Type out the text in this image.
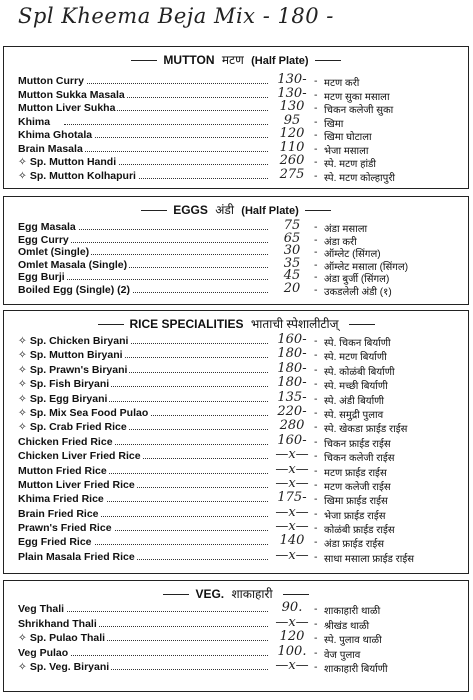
Spl Kheema Beja Mix - 180 -
MUTTON मटण (Half Plate)
Mutton Curry	130- - मटण करी
Mutton Sukka Masala	130- - मटण सुका मसाला
Mutton Liver Sukha	130 - चिकन कलेजी सुका
Khima	95	- खिमा
Khima Ghotala	120 - खिमा घोटाला
Brain Masala	110 - भेजा मसाला
✧ Sp. Mutton Handi	260 - स्पे. मटण हांडी
✧ Sp. Mutton Kolhapuri	275 - स्पे. मटण कोल्हापुरी
EGGS अंडी (Half Plate)
Egg Masala	75	- अंडा मसाला
Egg Curry	65	- अंडा करी
Omlet (Single)	30	- ऑम्लेट (सिंगल)
Omlet Masala (Single)	35	- ऑम्लेट मसाला (सिंगल)
Egg Burji	45	- अंडा बुर्जी (सिंगल)
Boiled Egg (Single) (2)	20	- उकडलेली अंडी (१)
RICE SPECIALITIES भाताची स्पेशालीटीज्
✧ Sp. Chicken Biryani	160- - स्पे. चिकन बिर्याणी
✧ Sp. Mutton Biryani	180- - स्पे. मटण बिर्याणी
✧ Sp. Prawn's Biryani	180- - स्पे. कोळंबी बिर्याणी
✧ Sp. Fish Biryani	180- - स्पे. मच्छी बिर्याणी
✧ Sp. Egg Biryani	135- - स्पे. अंडी बिर्याणी
✧ Sp. Mix Sea Food Pulao	220- - स्पे. समुद्री पुलाव
✧ Sp. Crab Fried Rice	280 - स्पे. खेकडा फ्राईड राईस
Chicken Fried Rice	160- - चिकन फ्राईड राईस
Chicken Liver Fried Rice	—x— - चिकन कलेजी राईस
Mutton Fried Rice	—x— - मटण फ्राईड राईस
Mutton Liver Fried Rice	—x— - मटण कलेजी राईस
Khima Fried Rice	175- - खिमा फ्राईड राईस
Brain Fried Rice	—x— - भेजा फ्राईड राईस
Prawn's Fried Rice	—x— - कोळंबी फ्राईड राईस
Egg Fried Rice	140 - अंडा फ्राईड राईस
Plain Masala Fried Rice	—x— - साधा मसाला फ्राईड राईस
VEG. शाकाहारी
Veg Thali	90.	- शाकाहारी थाळी
Shrikhand Thali	—x— - श्रीखंड थाळी
✧ Sp. Pulao Thali	120 - स्पे. पुलाव थाळी
Veg Pulao	100. - वेज पुलाव
✧ Sp. Veg. Biryani	—x— - शाकाहारी बिर्याणी
